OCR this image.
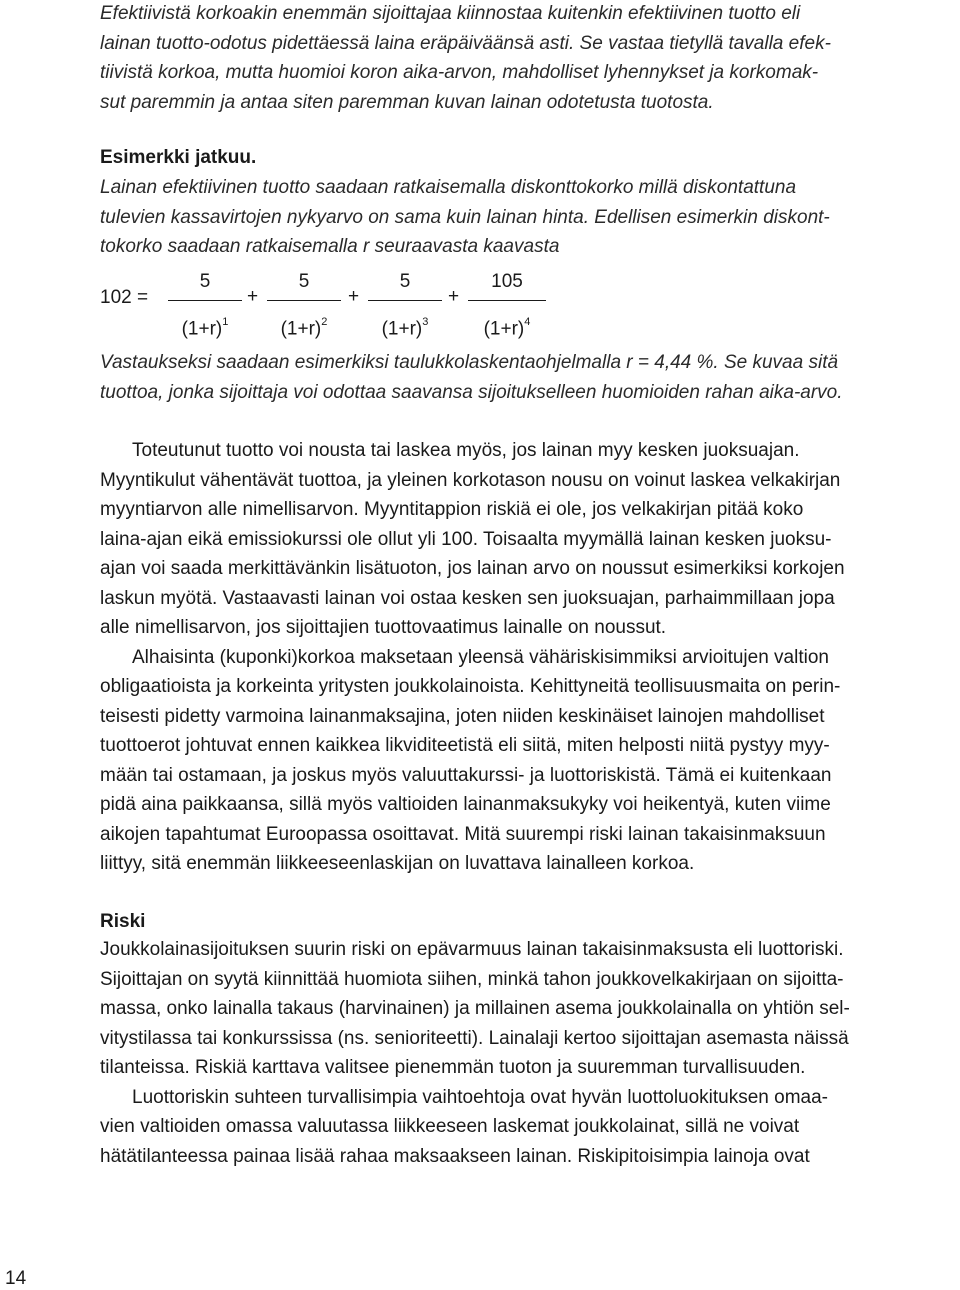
Efektiivistä korkoakin enemmän sijoittajaa kiinnostaa kuitenkin efektiivinen tuotto eli
lainan tuotto-odotus pidettäessä laina eräpäiväänsä asti. Se vastaa tietyllä tavalla efek-
tiivistä korkoa, mutta huomioi koron aika-arvon, mahdolliset lyhennykset ja korkomak-
sut paremmin ja antaa siten paremman kuvan lainan odotetusta tuotosta.
Esimerkki jatkuu.
Lainan efektiivinen tuotto saadaan ratkaisemalla diskonttokorko millä diskontattuna
tulevien kassavirtojen nykyarvo on sama kuin lainan hinta. Edellisen esimerkin diskont-
tokorko saadaan ratkaisemalla r seuraavasta kaavasta
102 =
5
$(1+r)^1$
+
5
$(1+r)^2$
+
5
$(1+r)^3$
+
105
$(1+r)^4$
Vastaukseksi saadaan esimerkiksi taulukkolaskentaohjelmalla r = 4,44 %. Se kuvaa sitä
tuottoa, jonka sijoittaja voi odottaa saavansa sijoitukselleen huomioiden rahan aika-arvo.
Toteutunut tuotto voi nousta tai laskea myös, jos lainan myy kesken juoksuajan.
Myyntikulut vähentävät tuottoa, ja yleinen korkotason nousu on voinut laskea velkakirjan
myyntiarvon alle nimellisarvon. Myyntitappion riskiä ei ole, jos velkakirjan pitää koko
laina-ajan eikä emissiokurssi ole ollut yli 100. Toisaalta myymällä lainan kesken juoksu-
ajan voi saada merkittävänkin lisätuoton, jos lainan arvo on noussut esimerkiksi korkojen
laskun myötä. Vastaavasti lainan voi ostaa kesken sen juoksuajan, parhaimmillaan jopa
alle nimellisarvon, jos sijoittajien tuottovaatimus lainalle on noussut.
Alhaisinta (kuponki)korkoa maksetaan yleensä vähäriskisimmiksi arvioitujen valtion
obligaatioista ja korkeinta yritysten joukkolainoista. Kehittyneitä teollisuusmaita on perin-
teisesti pidetty varmoina lainanmaksajina, joten niiden keskinäiset lainojen mahdolliset
tuottoerot johtuvat ennen kaikkea likviditeetistä eli siitä, miten helposti niitä pystyy myy-
mään tai ostamaan, ja joskus myös valuuttakurssi- ja luottoriskistä. Tämä ei kuitenkaan
pidä aina paikkaansa, sillä myös valtioiden lainanmaksukyky voi heikentyä, kuten viime
aikojen tapahtumat Euroopassa osoittavat. Mitä suurempi riski lainan takaisinmaksuun
liittyy, sitä enemmän liikkeeseenlaskijan on luvattava lainalleen korkoa.
Riski
Joukkolainasijoituksen suurin riski on epävarmuus lainan takaisinmaksusta eli luottoriski.
Sijoittajan on syytä kiinnittää huomiota siihen, minkä tahon joukkovelkakirjaan on sijoitta-
massa, onko lainalla takaus (harvinainen) ja millainen asema joukkolainalla on yhtiön sel-
vitystilassa tai konkurssissa (ns. senioriteetti). Lainalaji kertoo sijoittajan asemasta näissä
tilanteissa. Riskiä karttava valitsee pienemmän tuoton ja suuremman turvallisuuden.
Luottoriskin suhteen turvallisimpia vaihtoehtoja ovat hyvän luottoluokituksen omaa-
vien valtioiden omassa valuutassa liikkeeseen laskemat joukkolainat, sillä ne voivat
hätätilanteessa painaa lisää rahaa maksaakseen lainan. Riskipitoisimpia lainoja ovat
14
